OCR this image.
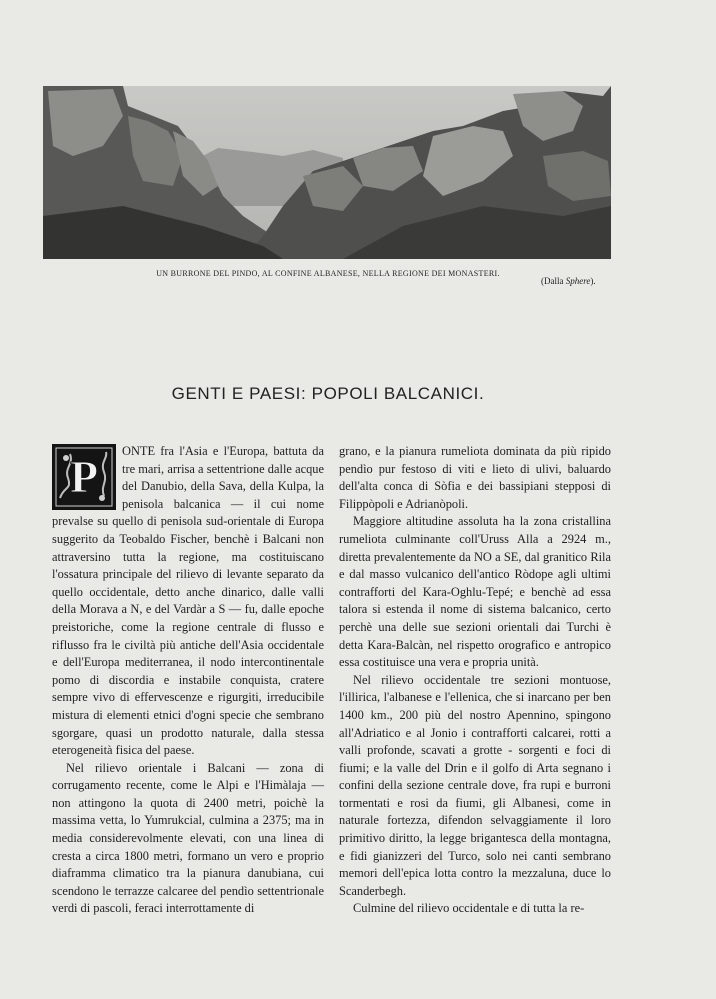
UN BURRONE DEL PINDO, AL CONFINE ALBANESE, NELLA REGIONE DEI MONASTERI.
(Dalla Sphere).
GENTI E PAESI: POPOLI BALCANICI.
P	ONTE fra l'Asia e l'Europa, battuta da tre mari, arrisa a settentrione dalle acque del Danubio, della Sava, della Kulpa, la penisola balcanica — il cui nome prevalse su quello di penisola sud-orientale di Europa suggerito da Teobaldo Fischer, benchè i Balcani non attraversino tutta la regione, ma costituiscano l'ossatura principale del rilievo di levante separato da quello occidentale, detto anche dinarico, dalle valli della Morava a N, e del Vardàr a S — fu, dalle epoche preistoriche, come la regione centrale di flusso e riflusso fra le civiltà più antiche dell'Asia occidentale e dell'Europa mediterranea, il nodo intercontinentale pomo di discordia e instabile conquista, cratere sempre vivo di effervescenze e rigurgiti, irreducibile mistura di elementi etnici d'ogni specie che sembrano sgorgare, quasi un prodotto naturale, dalla stessa eterogeneità fisica del paese.

Nel rilievo orientale i Balcani — zona di corrugamento recente, come le Alpi e l'Himàlaja — non attingono la quota di 2400 metri, poichè la massima vetta, lo Yumrukcial, culmina a 2375; ma in media considerevolmente elevati, con una linea di cresta a circa 1800 metri, formano un vero e proprio diaframma climatico tra la pianura danubiana, cui scendono le terrazze calcaree del pendìo settentrionale verdi di pascoli, feraci interrottamente di

grano, e la pianura rumeliota dominata da più ripido pendìo pur festoso di viti e lieto di ulivi, baluardo dell'alta conca di Sòfia e dei bassipiani stepposi di Filippòpoli e Adrianòpoli.

Maggiore altitudine assoluta ha la zona cristallina rumeliota culminante coll'Uruss Alla a 2924 m., diretta prevalentemente da NO a SE, dal granitico Rila e dal masso vulcanico dell'antico Ròdope agli ultimi contrafforti del Kara-Oghlu-Tepé; e benchè ad essa talora si estenda il nome di sistema balcanico, certo perchè una delle sue sezioni orientali dai Turchi è detta Kara-Balcàn, nel rispetto orografico e antropico essa costituisce una vera e propria unità.

Nel rilievo occidentale tre sezioni montuose, l'illirica, l'albanese e l'ellenica, che si inarcano per ben 1400 km., 200 più del nostro Apennino, spingono all'Adriatico e al Jonio i contrafforti calcarei, rotti a valli profonde, scavati a grotte - sorgenti e foci di fiumi; e la valle del Drin e il golfo di Arta segnano i confini della sezione centrale dove, fra rupi e burroni tormentati e rosi da fiumi, gli Albanesi, come in naturale fortezza, difendon selvaggiamente il loro primitivo diritto, la legge brigantesca della montagna, e fidi gianizzeri del Turco, solo nei canti sembrano memori dell'epica lotta contro la mezzaluna, duce lo Scanderbegh.

Culmine del rilievo occidentale e di tutta la re-
